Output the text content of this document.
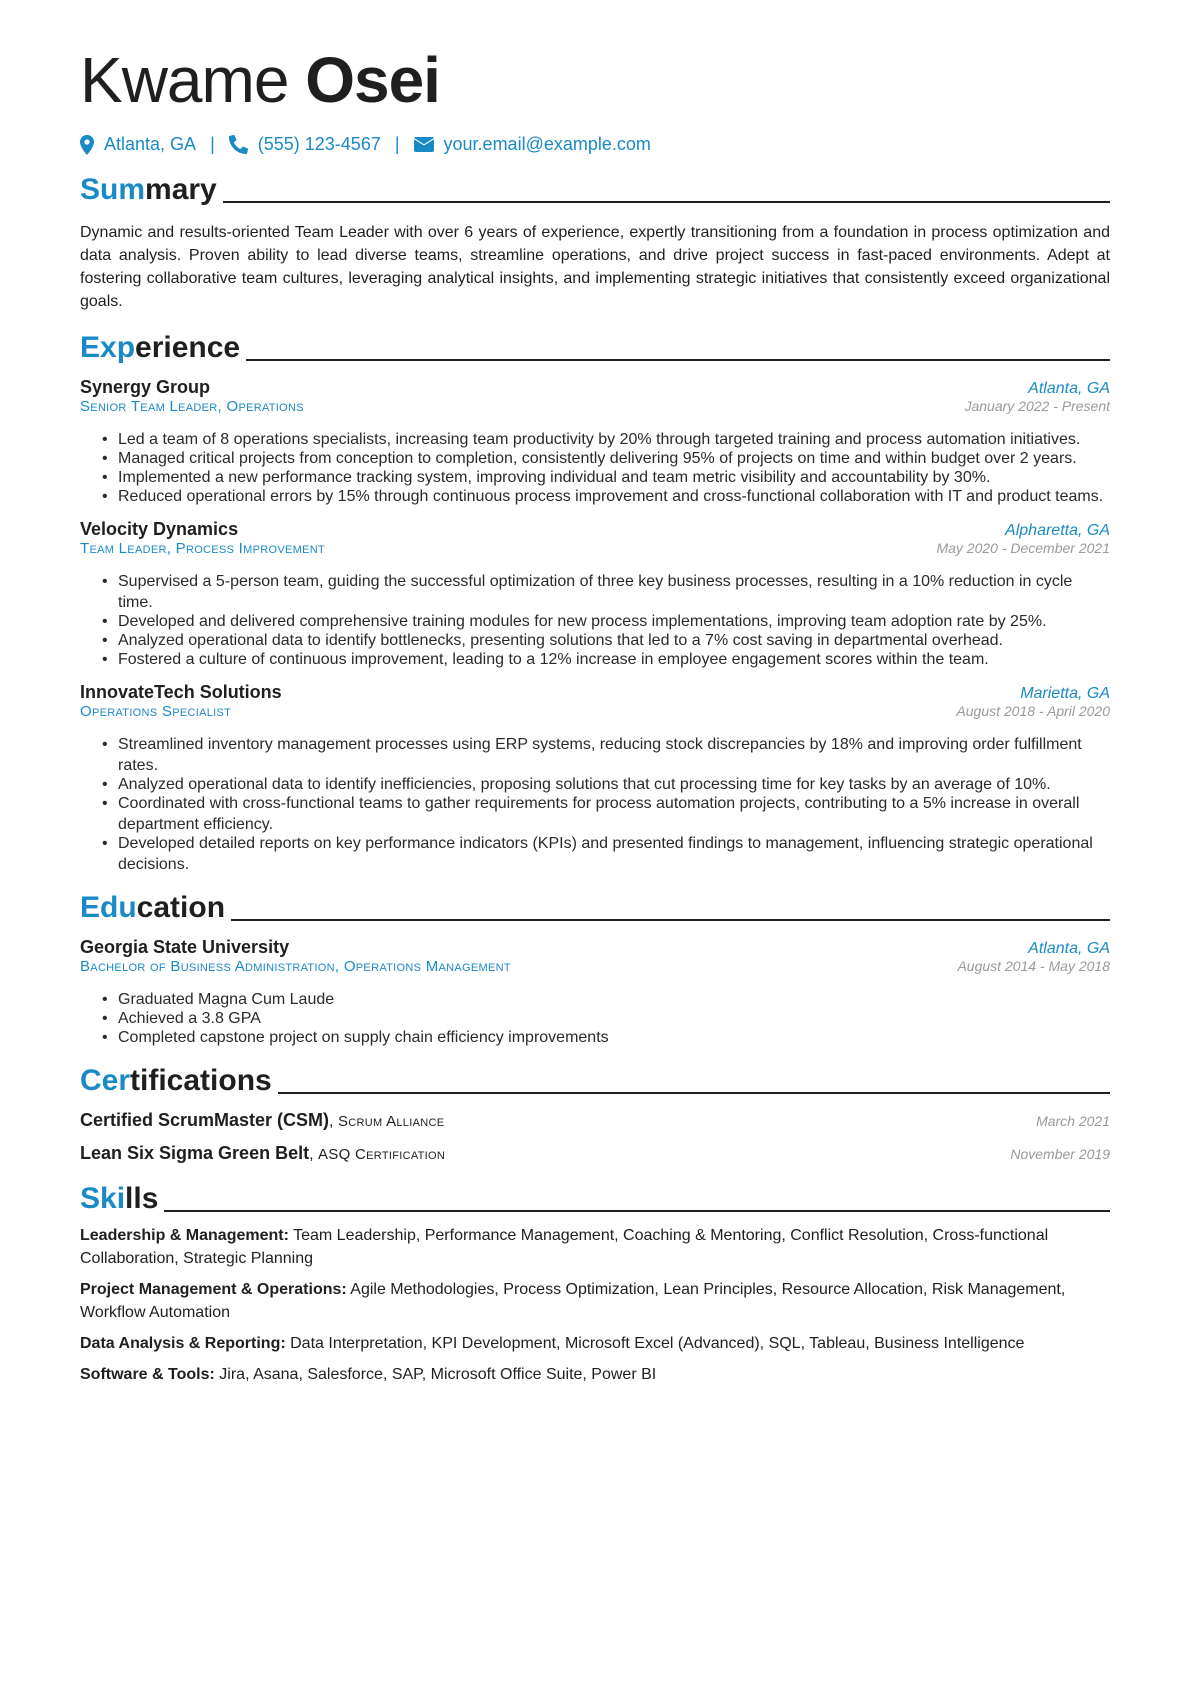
Kwame Osei
Atlanta, GA | (555) 123-4567 | your.email@example.com
Summary

Dynamic and results-oriented Team Leader with over 6 years of experience, expertly transitioning from a foundation in process optimization and data analysis. Proven ability to lead diverse teams, streamline operations, and drive project success in fast-paced environments. Adept at fostering collaborative team cultures, leveraging analytical insights, and implementing strategic initiatives that consistently exceed organizational goals.

Experience
Synergy Group	Atlanta, GA
Senior Team Leader, Operations	January 2022 - Present
• Led a team of 8 operations specialists, increasing team productivity by 20% through targeted training and process automation initiatives.
• Managed critical projects from conception to completion, consistently delivering 95% of projects on time and within budget over 2 years.
• Implemented a new performance tracking system, improving individual and team metric visibility and accountability by 30%.
• Reduced operational errors by 15% through continuous process improvement and cross-functional collaboration with IT and product teams.
Velocity Dynamics	Alpharetta, GA
Team Leader, Process Improvement	May 2020 - December 2021
• Supervised a 5-person team, guiding the successful optimization of three key business processes, resulting in a 10% reduction in cycle time.
• Developed and delivered comprehensive training modules for new process implementations, improving team adoption rate by 25%.
• Analyzed operational data to identify bottlenecks, presenting solutions that led to a 7% cost saving in departmental overhead.
• Fostered a culture of continuous improvement, leading to a 12% increase in employee engagement scores within the team.
InnovateTech Solutions	Marietta, GA
Operations Specialist	August 2018 - April 2020
• Streamlined inventory management processes using ERP systems, reducing stock discrepancies by 18% and improving order fulfillment rates.
• Analyzed operational data to identify inefficiencies, proposing solutions that cut processing time for key tasks by an average of 10%.
• Coordinated with cross-functional teams to gather requirements for process automation projects, contributing to a 5% increase in overall department efficiency.
• Developed detailed reports on key performance indicators (KPIs) and presented findings to management, influencing strategic operational decisions.
Education
Georgia State University	Atlanta, GA
Bachelor of Business Administration, Operations Management	August 2014 - May 2018
• Graduated Magna Cum Laude
• Achieved a 3.8 GPA
• Completed capstone project on supply chain efficiency improvements
Certifications
Certified ScrumMaster (CSM), Scrum Alliance	March 2021
Lean Six Sigma Green Belt, ASQ Certification	November 2019
Skills
Leadership & Management: Team Leadership, Performance Management, Coaching & Mentoring, Conflict Resolution, Cross-functional Collaboration, Strategic Planning
Project Management & Operations: Agile Methodologies, Process Optimization, Lean Principles, Resource Allocation, Risk Management, Workflow Automation
Data Analysis & Reporting: Data Interpretation, KPI Development, Microsoft Excel (Advanced), SQL, Tableau, Business Intelligence
Software & Tools: Jira, Asana, Salesforce, SAP, Microsoft Office Suite, Power BI
